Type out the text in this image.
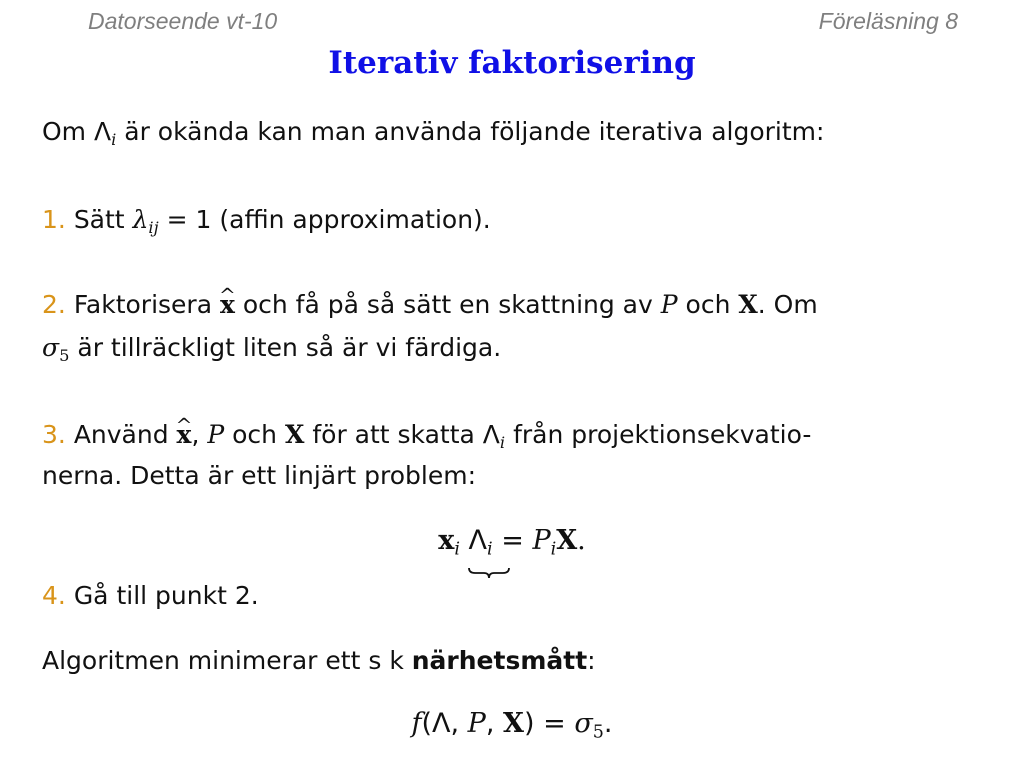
Datorseende vt-10	Föreläsning 8
Iterativ faktorisering
Om $\Lambda_i$ är okända kan man använda följande iterativa algoritm:
1. Sätt $\lambda_{ij} = 1$ (affin approximation).
2. Faktorisera ^ x och få på så sätt en skattning av P och X. Om
$\sigma_5$ är tillräckligt liten så är vi färdiga.
3. Använd ^ x, P och X för att skatta $\Lambda_i$ från projektionsekvatio-
nerna. Detta är ett linjärt problem:
$x_i$ $\Lambda_i = P_iX$.
4. Gå till punkt 2.
Algoritmen minimerar ett s k närhetsmått:
f(Λ, P, $X) = \sigma_5$.
